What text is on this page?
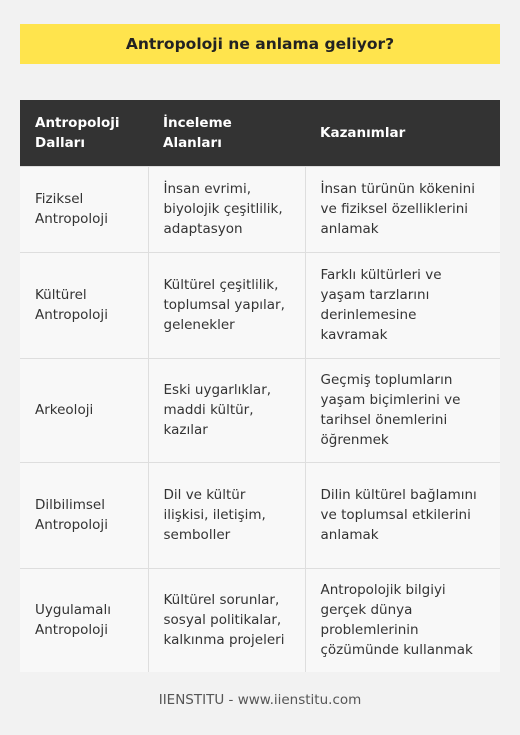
Antropoloji ne anlama geliyor?
Antropoloji Dalları	İnceleme Alanları	Kazanımlar
Fiziksel Antropoloji	İnsan evrimi, biyolojik çeşitlilik, adaptasyon	İnsan türünün kökenini ve fiziksel özelliklerini anlamak
Kültürel Antropoloji	Kültürel çeşitlilik, toplumsal yapılar, gelenekler	Farklı kültürleri ve yaşam tarzlarını derinlemesine kavramak
Arkeoloji	Eski uygarlıklar, maddi kültür, kazılar	Geçmiş toplumların yaşam biçimlerini ve tarihsel önemlerini öğrenmek
Dilbilimsel Antropoloji	Dil ve kültür ilişkisi, iletişim, semboller	Dilin kültürel bağlamını ve toplumsal etkilerini anlamak
Uygulamalı Antropoloji	Kültürel sorunlar, sosyal politikalar, kalkınma projeleri	Antropolojik bilgiyi gerçek dünya problemlerinin çözümünde kullanmak
IIENSTITU - www.iienstitu.com
